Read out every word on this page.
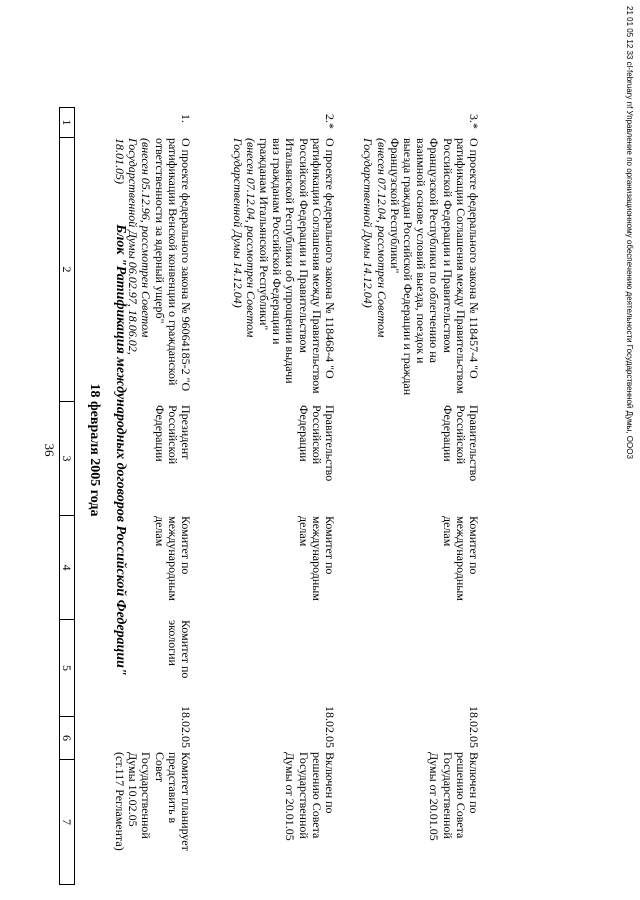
36
1
2
3
4
5
6
7
18 февраля 2005 года Блок "Ратификация международных договоров Российской Федерации"
1.
О проекте федерального закона № 96064185-2 "О ратификации Венской конвенции о гражданской ответственности за ядерный ущерб"
(внесен 05.12.96, рассмотрен Советом Государственной Думы 06.02.97, 18.06.02, 18.01.05)
Президент Российской Федерации
Комитет по международным делам
Комитет по экологии
18.02.05
Комитет планирует представить в Совет Государственной Думы 10.02.05 (ст.117 Регламента)
2.*
О проекте федерального закона № 118468-4 "О ратификации Соглашения между Правительством Российской Федерации и Правительством Итальянской Республики об упрощении выдачи виз гражданам Российской Федерации и гражданам Итальянской Республики"
(внесен 07.12.04, рассмотрен Советом Государственной Думы 14.12.04)
Правительство Российской Федерации
Комитет по международным делам
18.02.05
Включен по решению Совета Государственной Думы от 20.01.05
3.*
О проекте федерального закона № 118457-4 "О ратификации Соглашения между Правительством Российской Федерации и Правительством Французской Республики по облегчению на взаимной основе условий выезда, поездок и выезда граждан Российской Федерации и граждан Французской Республики"
(внесен 07.12.04, рассмотрен Советом Государственной Думы 14.12.04)
Правительство Российской Федерации
Комитет по международным делам
18.02.05
Включен по решению Совета Государственной Думы от 20.01.05
21 01 05 12 33 cl-february nf Управление по организационному обеспечению деятельности Государственной Думы, ООО3
